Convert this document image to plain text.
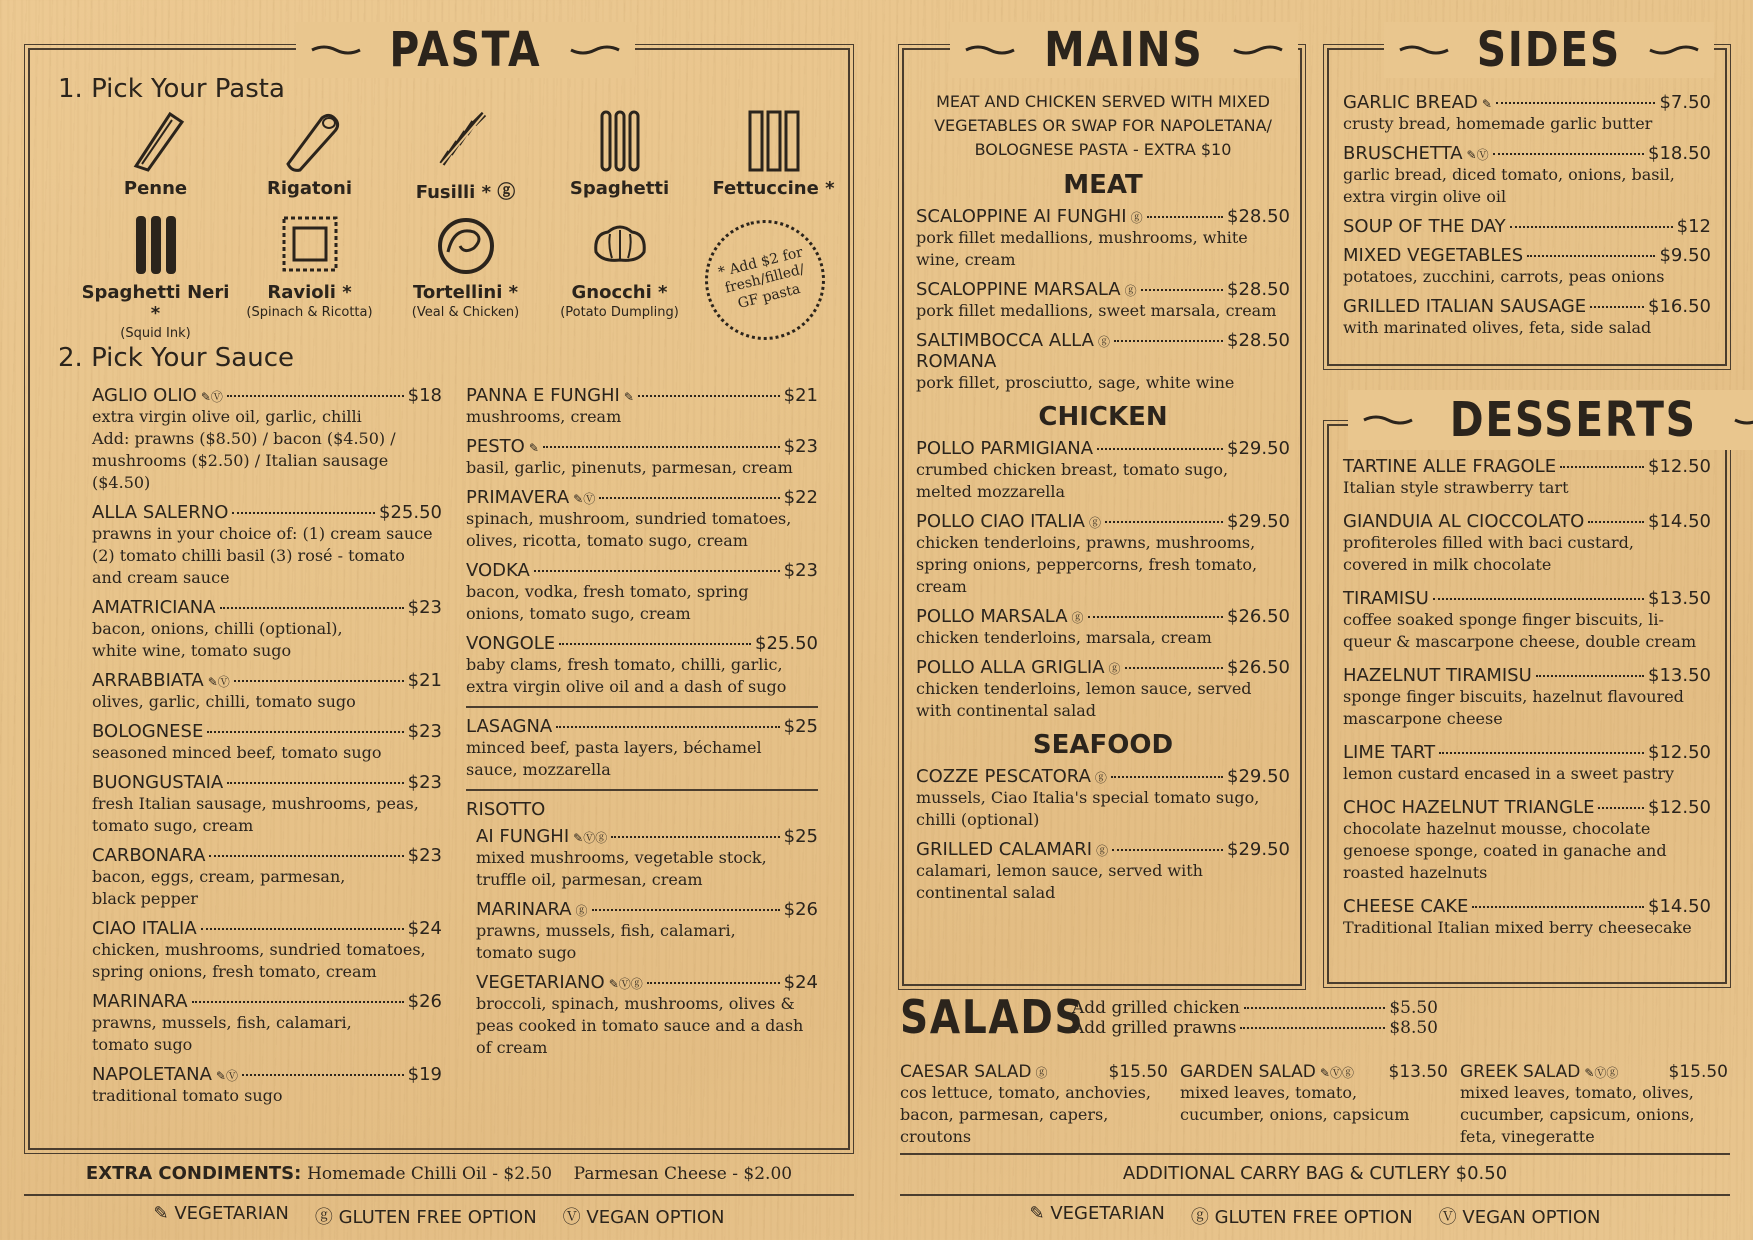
PASTA
1. Pick Your Pasta
Penne	Rigatoni	Fusilli * ⓖ	Spaghetti	Fettuccine *
Spaghetti Neri *
(Squid Ink)
Ravioli *
(Spinach & Ricotta)
Tortellini *
(Veal & Chicken)
Gnocchi *
(Potato Dumpling)
* Add $2 for fresh/filled/ GF pasta
2. Pick Your Sauce
AGLIO OLIO ✎Ⓥ	$18
extra virgin olive oil, garlic, chilli
Add: prawns ($8.50) / bacon ($4.50) /
mushrooms ($2.50) / Italian sausage ($4.50)
ALLA SALERNO	$25.50
prawns in your choice of: (1) cream sauce
(2) tomato chilli basil (3) rosé - tomato
and cream sauce
AMATRICIANA	$23
bacon, onions, chilli (optional),
white wine, tomato sugo
ARRABBIATA ✎Ⓥ	$21
olives, garlic, chilli, tomato sugo
BOLOGNESE	$23
seasoned minced beef, tomato sugo
BUONGUSTAIA	$23
fresh Italian sausage, mushrooms, peas,
tomato sugo, cream
CARBONARA	$23
bacon, eggs, cream, parmesan,
black pepper
CIAO ITALIA	$24
chicken, mushrooms, sundried tomatoes,
spring onions, fresh tomato, cream
MARINARA	$26
prawns, mussels, fish, calamari,
tomato sugo
NAPOLETANA ✎Ⓥ	$19
traditional tomato sugo
PANNA E FUNGHI ✎	$21
mushrooms, cream
PESTO ✎	$23
basil, garlic, pinenuts, parmesan, cream
PRIMAVERA ✎Ⓥ	$22
spinach, mushroom, sundried tomatoes,
olives, ricotta, tomato sugo, cream
VODKA	$23
bacon, vodka, fresh tomato, spring
onions, tomato sugo, cream
VONGOLE	$25.50
baby clams, fresh tomato, chilli, garlic,
extra virgin olive oil and a dash of sugo
LASAGNA	$25
minced beef, pasta layers, béchamel
sauce, mozzarella
RISOTTO
AI FUNGHI ✎Ⓥⓖ	$25
mixed mushrooms, vegetable stock,
truffle oil, parmesan, cream
MARINARA ⓖ	$26
prawns, mussels, fish, calamari,
tomato sugo
VEGETARIANO ✎Ⓥⓖ	$24
broccoli, spinach, mushrooms, olives &
peas cooked in tomato sauce and a dash
of cream
EXTRA CONDIMENTS: Homemade Chilli Oil - $2.50    Parmesan Cheese - $2.00
✎ VEGETARIAN ⓖ GLUTEN FREE OPTION Ⓥ VEGAN OPTION
MAINS
MEAT AND CHICKEN SERVED WITH MIXED
VEGETABLES OR SWAP FOR NAPOLETANA/
BOLOGNESE PASTA - EXTRA $10
MEAT
SCALOPPINE AI FUNGHI ⓖ	$28.50
pork fillet medallions, mushrooms, white
wine, cream
SCALOPPINE MARSALA ⓖ	$28.50
pork fillet medallions, sweet marsala, cream
SALTIMBOCCA ALLA
ROMANA
ⓖ	$28.50
pork fillet, prosciutto, sage, white wine
CHICKEN
POLLO PARMIGIANA	$29.50
crumbed chicken breast, tomato sugo,
melted mozzarella
POLLO CIAO ITALIA ⓖ	$29.50
chicken tenderloins, prawns, mushrooms,
spring onions, peppercorns, fresh tomato,
cream
POLLO MARSALA ⓖ	$26.50
chicken tenderloins, marsala, cream
POLLO ALLA GRIGLIA ⓖ	$26.50
chicken tenderloins, lemon sauce, served
with continental salad
SEAFOOD
COZZE PESCATORA ⓖ	$29.50
mussels, Ciao Italia's special tomato sugo,
chilli (optional)
GRILLED CALAMARI ⓖ	$29.50
calamari, lemon sauce, served with
continental salad
SIDES
GARLIC BREAD ✎	$7.50
crusty bread, homemade garlic butter
BRUSCHETTA ✎Ⓥ	$18.50
garlic bread, diced tomato, onions, basil,
extra virgin olive oil
SOUP OF THE DAY	$12
MIXED VEGETABLES	$9.50
potatoes, zucchini, carrots, peas onions
GRILLED ITALIAN SAUSAGE	$16.50
with marinated olives, feta, side salad
DESSERTS
TARTINE ALLE FRAGOLE	$12.50
Italian style strawberry tart
GIANDUIA AL CIOCCOLATO	$14.50
profiteroles filled with baci custard,
covered in milk chocolate
TIRAMISU	$13.50
coffee soaked sponge finger biscuits, li-
queur & mascarpone cheese, double cream
HAZELNUT TIRAMISU	$13.50
sponge finger biscuits, hazelnut flavoured
mascarpone cheese
LIME TART	$12.50
lemon custard encased in a sweet pastry
CHOC HAZELNUT TRIANGLE	$12.50
chocolate hazelnut mousse, chocolate
genoese sponge, coated in ganache and
roasted hazelnuts
CHEESE CAKE	$14.50
Traditional Italian mixed berry cheesecake
SALADS
Add grilled chicken	$5.50
Add grilled prawns	$8.50
CAESAR SALAD ⓖ	$15.50
cos lettuce, tomato, anchovies,
bacon, parmesan, capers,
croutons
GARDEN SALAD ✎Ⓥⓖ $13.50
mixed leaves, tomato,
cucumber, onions, capsicum
GREEK SALAD ✎Ⓥⓖ	$15.50
mixed leaves, tomato, olives,
cucumber, capsicum, onions,
feta, vinegeratte
ADDITIONAL CARRY BAG & CUTLERY $0.50
✎ VEGETARIAN ⓖ GLUTEN FREE OPTION Ⓥ VEGAN OPTION
